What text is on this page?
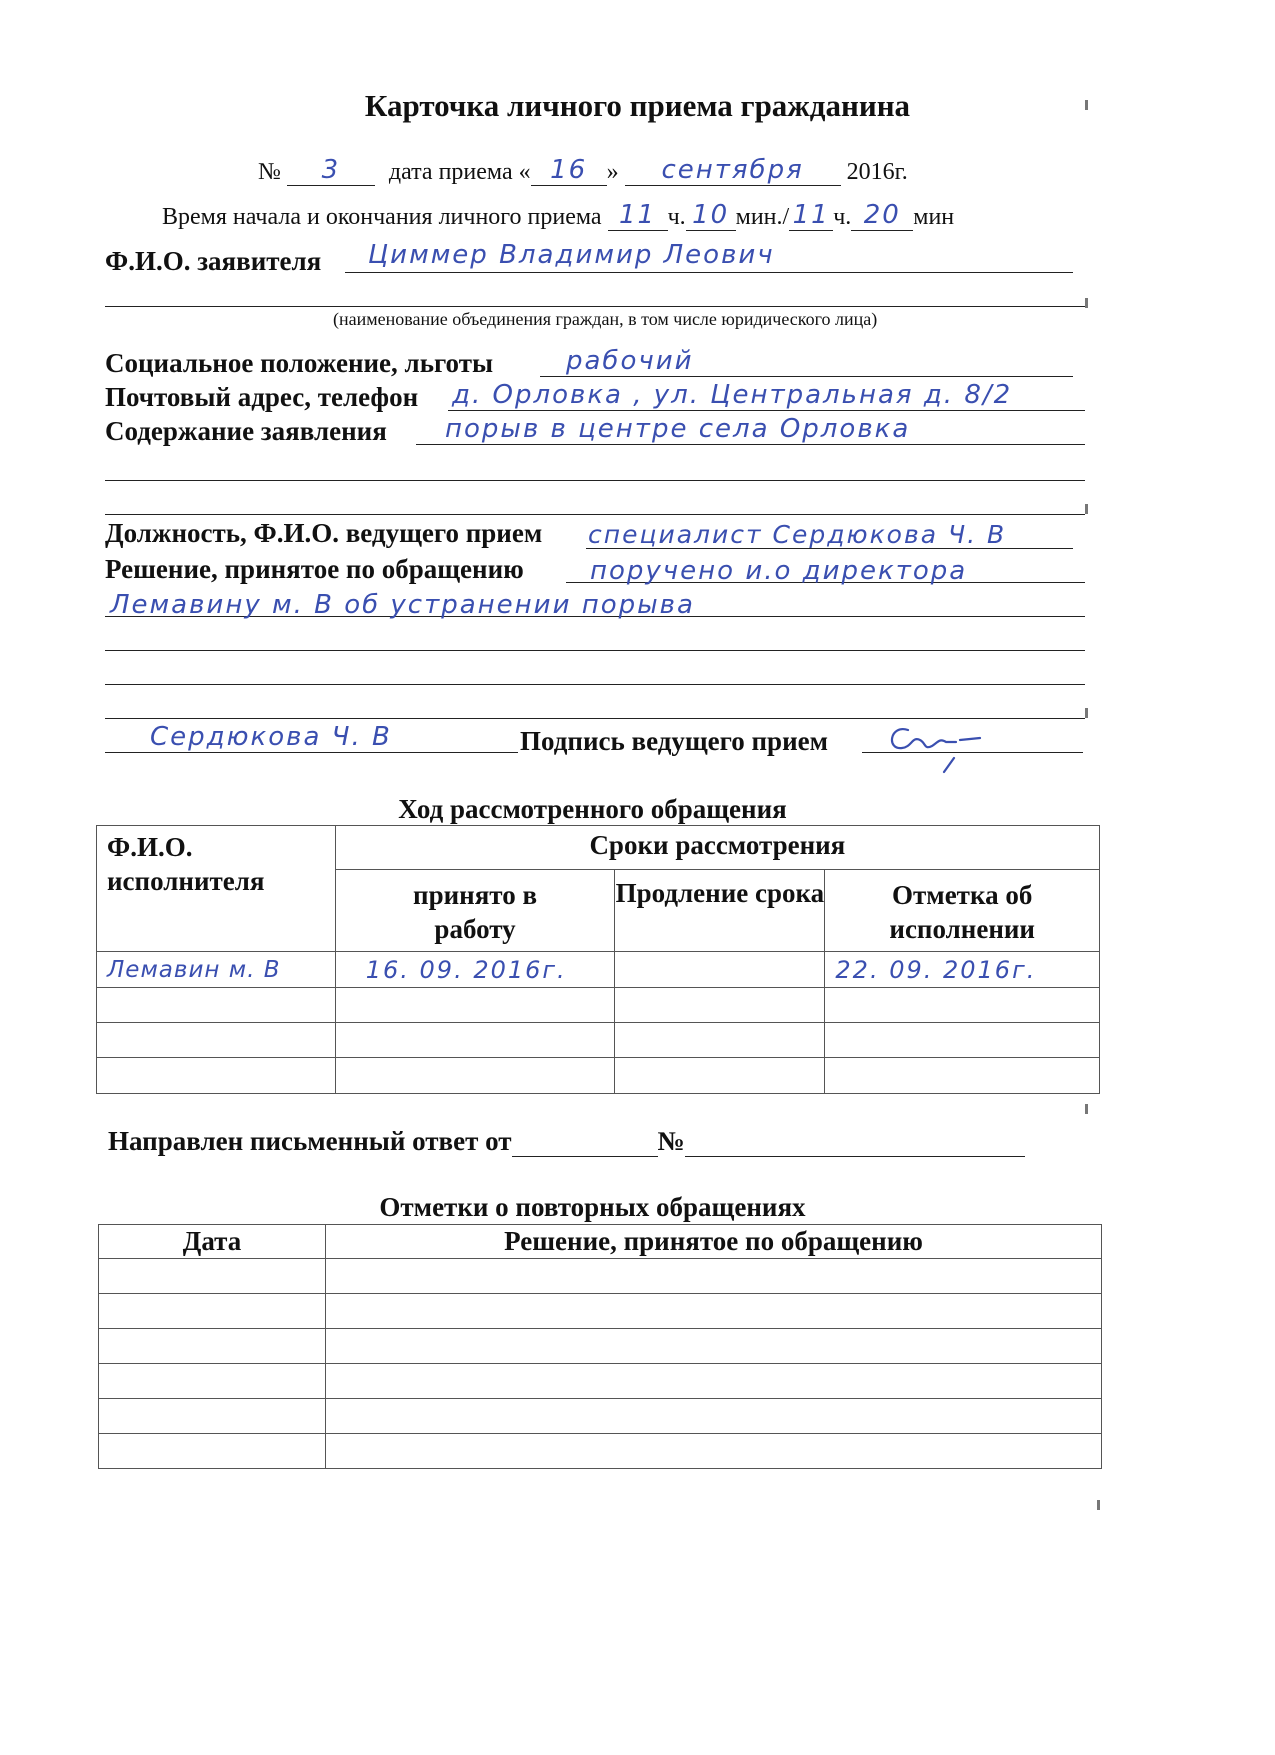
Карточка личного приема гражданина
№ 3 дата приема « 16 » сентября 2016г.
Время начала и окончания личного приема 11 ч. 10 мин./ 11 ч. 20 мин
Ф.И.О. заявителя Циммер Владимир Леович
(наименование объединения граждан, в том числе юридического лица)
Социальное положение, льготы	рабочий
Почтовый адрес, телефон д. Орловка , ул. Центральная д. 8/2
Содержание заявления порыв в центре села Орловка
Должность, Ф.И.О. ведущего прием специалист Сердюкова Ч. В
Решение, принятое по обращению	поручено и.о директора
Лемавину м. В об устранении порыва
Сердюкова Ч. В	Подпись ведущего прием
Ход рассмотренного обращения
Ф.И.О. исполнителя	Сроки рассмотрения		
	принято в работу	Продление срока	Отметка об исполнении
Лемавин м. В	16. 09. 2016г.		22. 09. 2016г.

Направлен письменный ответ от	№
Отметки о повторных обращениях
Дата	Решение, принятое по обращению
